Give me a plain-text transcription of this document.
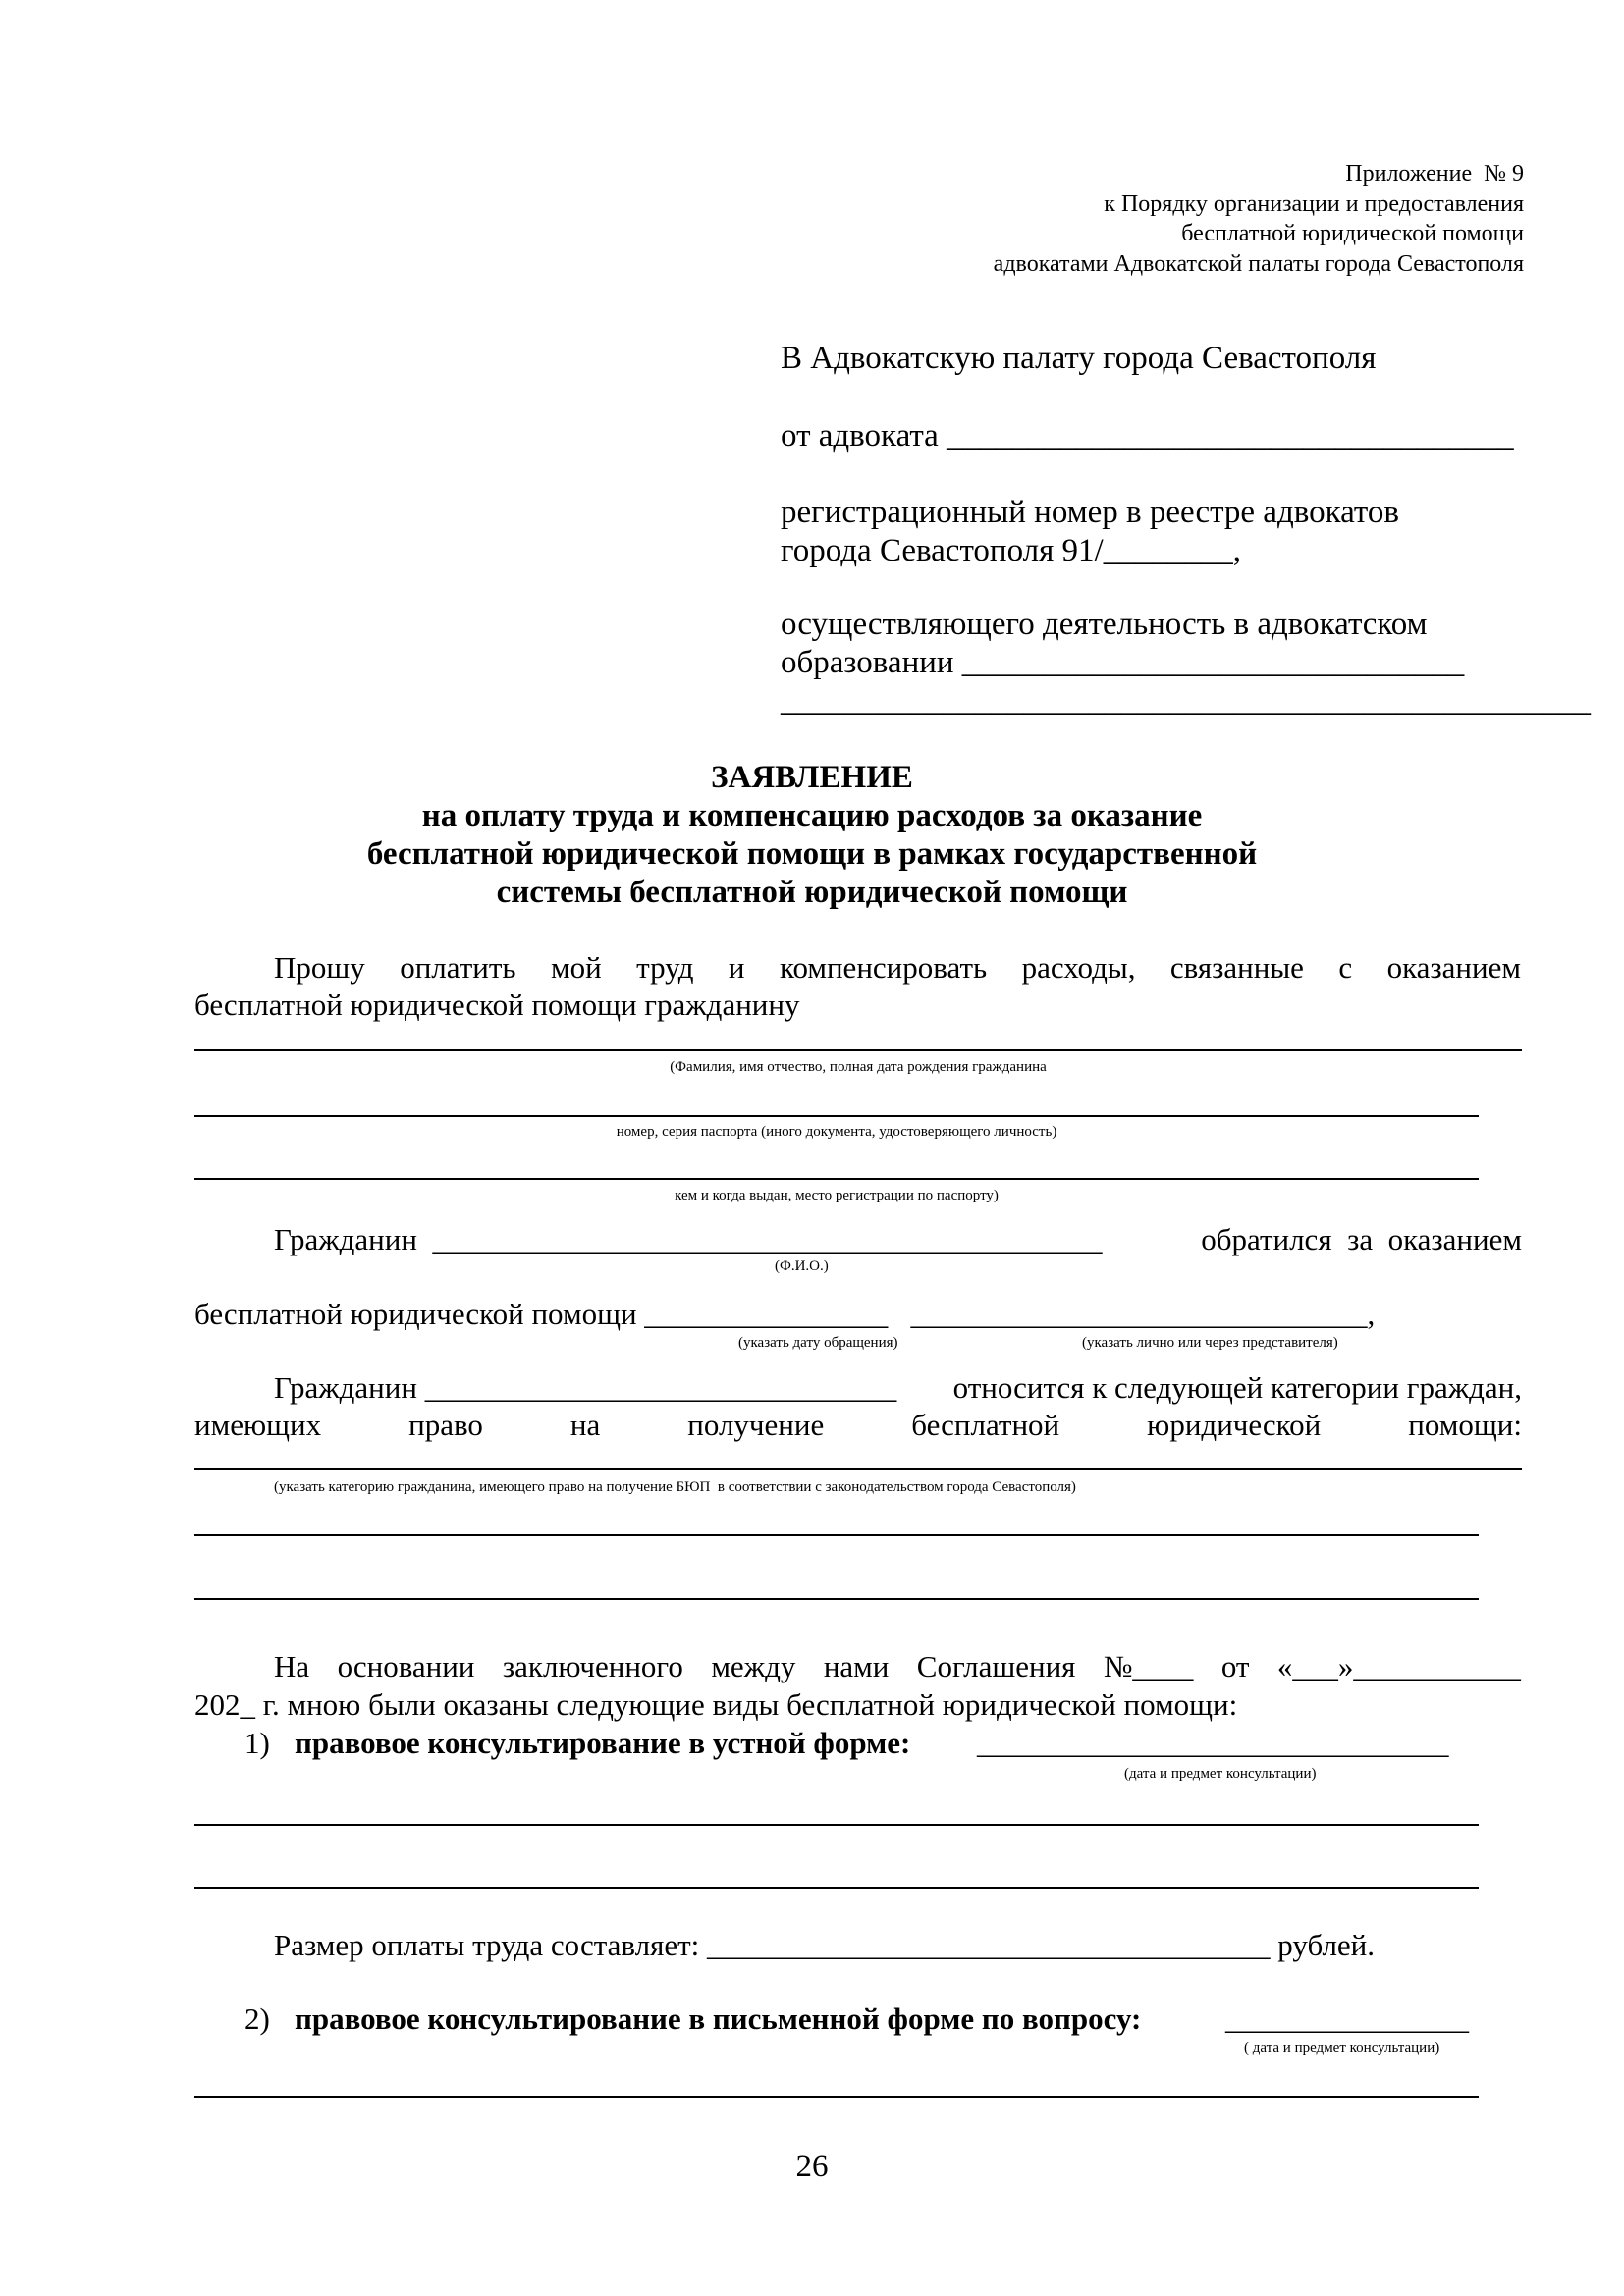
Приложение  № 9
к Порядку организации и предоставления
бесплатной юридической помощи
адвокатами Адвокатской палаты города Севастополя
В Адвокатскую палату города Севастополя
от адвоката ___________________________________
регистрационный номер в реестре адвокатов
города Севастополя 91/________,
осуществляющего деятельность в адвокатском
образовании _______________________________
__________________________________________________
ЗАЯВЛЕНИЕ
на оплату труда и компенсацию расходов за оказание
бесплатной юридической помощи в рамках государственной
системы бесплатной юридической помощи
Прошу оплатить мой труд и компенсировать расходы, связанные с оказанием
бесплатной юридической помощи гражданину
(Фамилия, имя отчество, полная дата рождения гражданина
номер, серия паспорта (иного документа, удостоверяющего личность)
кем и когда выдан, место регистрации по паспорту)
Гражданин  ____________________________________________	обратился  за  оказанием
(Ф.И.О.)
бесплатной юридической помощи ________________   ______________________________,
(указать дату обращения)	(указать лично или через представителя)
Гражданин _______________________________ относится к следующей категории граждан,
имеющих	право	на	получение	бесплатной	юридической	помощи:
(указать категорию гражданина, имеющего право на получение БЮП  в соответствии с законодательством города Севастополя)
На основании заключенного между нами Соглашения №____ от «___»___________
202_ г. мною были оказаны следующие виды бесплатной юридической помощи:
1) правовое консультирование в устной форме: _______________________________
(дата и предмет консультации)
Размер оплаты труда составляет: _____________________________________ рублей.
2) правовое консультирование в письменной форме по вопросу:	________________
( дата и предмет консультации)
26
